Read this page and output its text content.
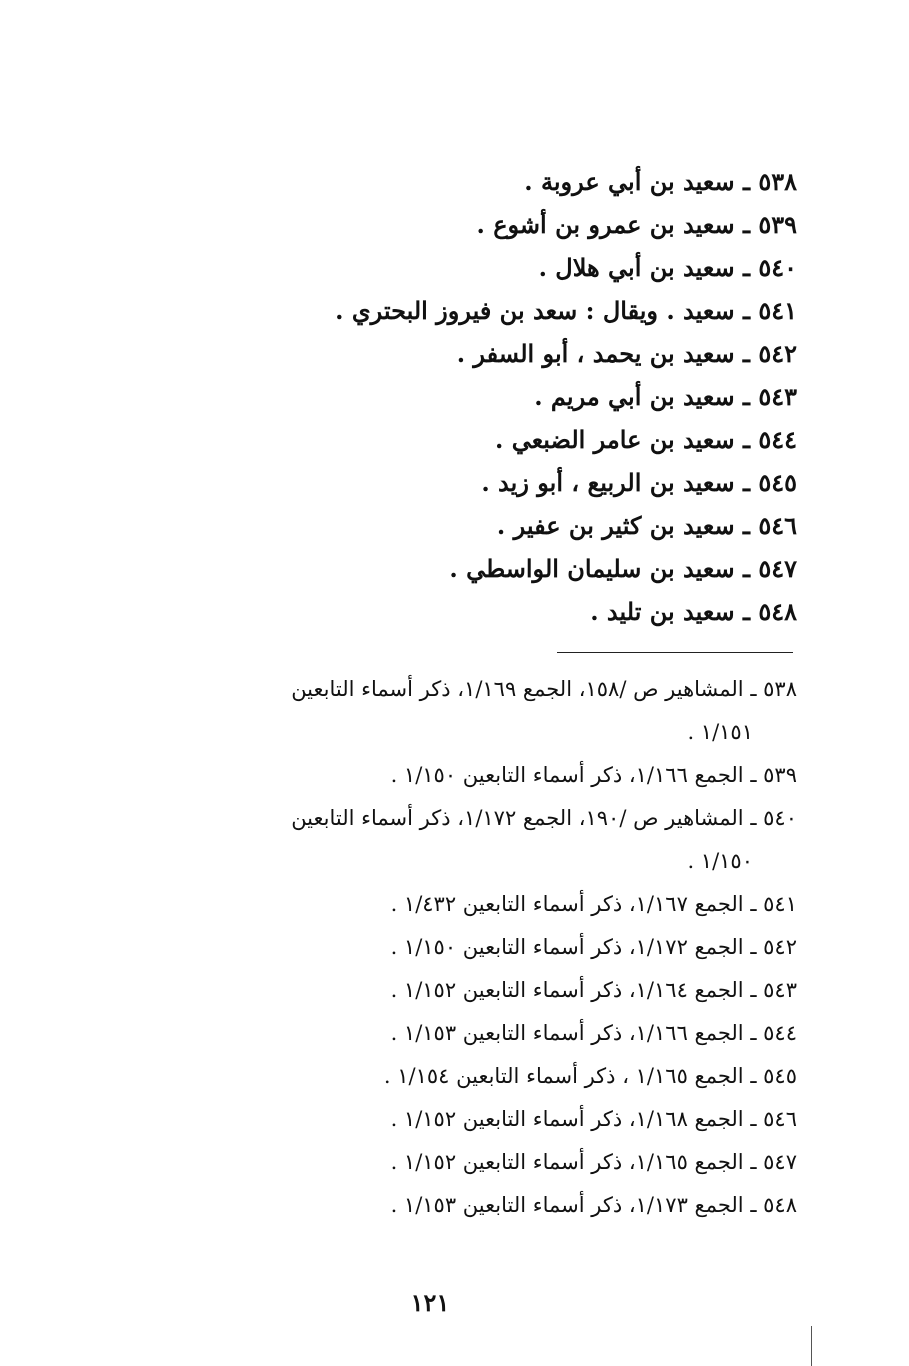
٥٣٨ ـ سعيد بن أبي عروبة .
٥٣٩ ـ سعيد بن عمرو بن أشوع .
٥٤٠ ـ سعيد بن أبي هلال .
٥٤١ ـ سعيد . ويقال : سعد بن فيروز البحتري .
٥٤٢ ـ سعيد بن يحمد ، أبو السفر .
٥٤٣ ـ سعيد بن أبي مريم .
٥٤٤ ـ سعيد بن عامر الضبعي .
٥٤٥ ـ سعيد بن الربيع ، أبو زيد .
٥٤٦ ـ سعيد بن كثير بن عفير .
٥٤٧ ـ سعيد بن سليمان الواسطي .
٥٤٨ ـ سعيد بن تليد .
٥٣٨ ـ المشاهير ص /١٥٨، الجمع ١/١٦٩، ذكر أسماء التابعين
١/١٥١ .
٥٣٩ ـ الجمع ١/١٦٦، ذكر أسماء التابعين ١/١٥٠ .
٥٤٠ ـ المشاهير ص /١٩٠، الجمع ١/١٧٢، ذكر أسماء التابعين
١/١٥٠ .
٥٤١ ـ الجمع ١/١٦٧، ذكر أسماء التابعين ١/٤٣٢ .
٥٤٢ ـ الجمع ١/١٧٢، ذكر أسماء التابعين ١/١٥٠ .
٥٤٣ ـ الجمع ١/١٦٤، ذكر أسماء التابعين ١/١٥٢ .
٥٤٤ ـ الجمع ١/١٦٦، ذكر أسماء التابعين ١/١٥٣ .
٥٤٥ ـ الجمع ١/١٦٥ ، ذكر أسماء التابعين ١/١٥٤ .
٥٤٦ ـ الجمع ١/١٦٨، ذكر أسماء التابعين ١/١٥٢ .
٥٤٧ ـ الجمع ١/١٦٥، ذكر أسماء التابعين ١/١٥٢ .
٥٤٨ ـ الجمع ١/١٧٣، ذكر أسماء التابعين ١/١٥٣ .
١٢١
